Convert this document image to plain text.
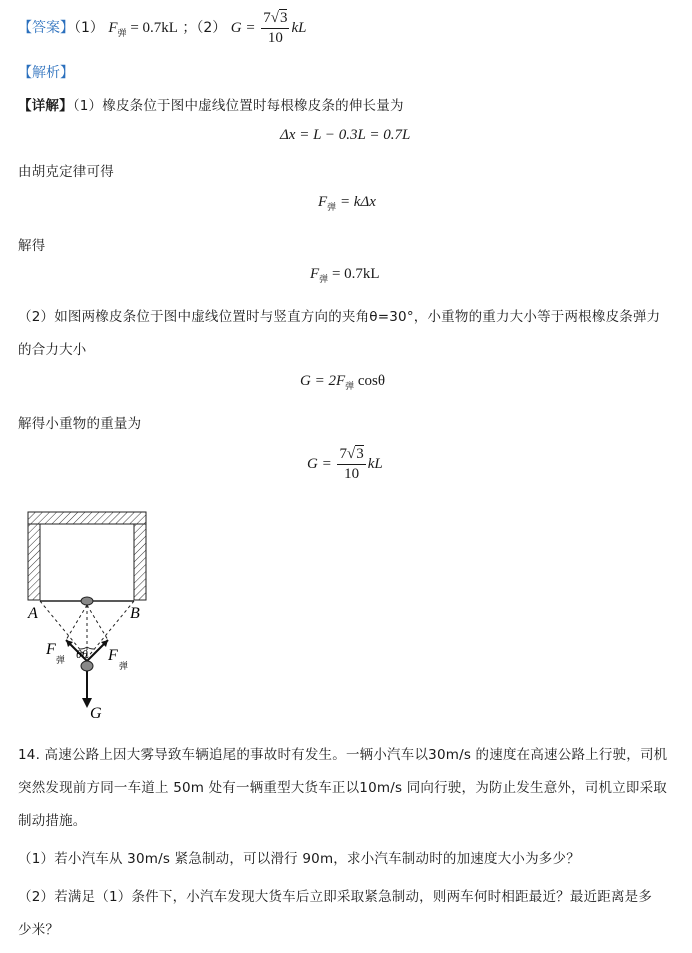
【答案】（1） $F_弹 = 0.7kL$ ；（2） $G = \frac{7√3}{10}$ kL
【解析】
【详解】（1）橡皮条位于图中虚线位置时每根橡皮条的伸长量为
Δx = L − 0.3L = 0.7L
由胡克定律可得
$F_弹 = k\Delta x$
解得
$F_弹 = 0.7kL$
（2）如图两橡皮条位于图中虚线位置时与竖直方向的夹角θ=30°，小重物的重力大小等于两根橡皮条弹力
的合力大小
$G = 2F_弹$ cosθ
解得小重物的重量为
$G = \frac{7√3}{10}$ kL
A	B
F
弹 θθ F
弹
G
14. 高速公路上因大雾导致车辆追尾的事故时有发生。一辆小汽车以30m/s 的速度在高速公路上行驶，司机
突然发现前方同一车道上 50m 处有一辆重型大货车正以10m/s 同向行驶，为防止发生意外，司机立即采取
制动措施。
（1）若小汽车从 30m/s 紧急制动，可以滑行 90m，求小汽车制动时的加速度大小为多少？
（2）若满足（1）条件下，小汽车发现大货车后立即采取紧急制动，则两车何时相距最近？最近距离是多
少米？
